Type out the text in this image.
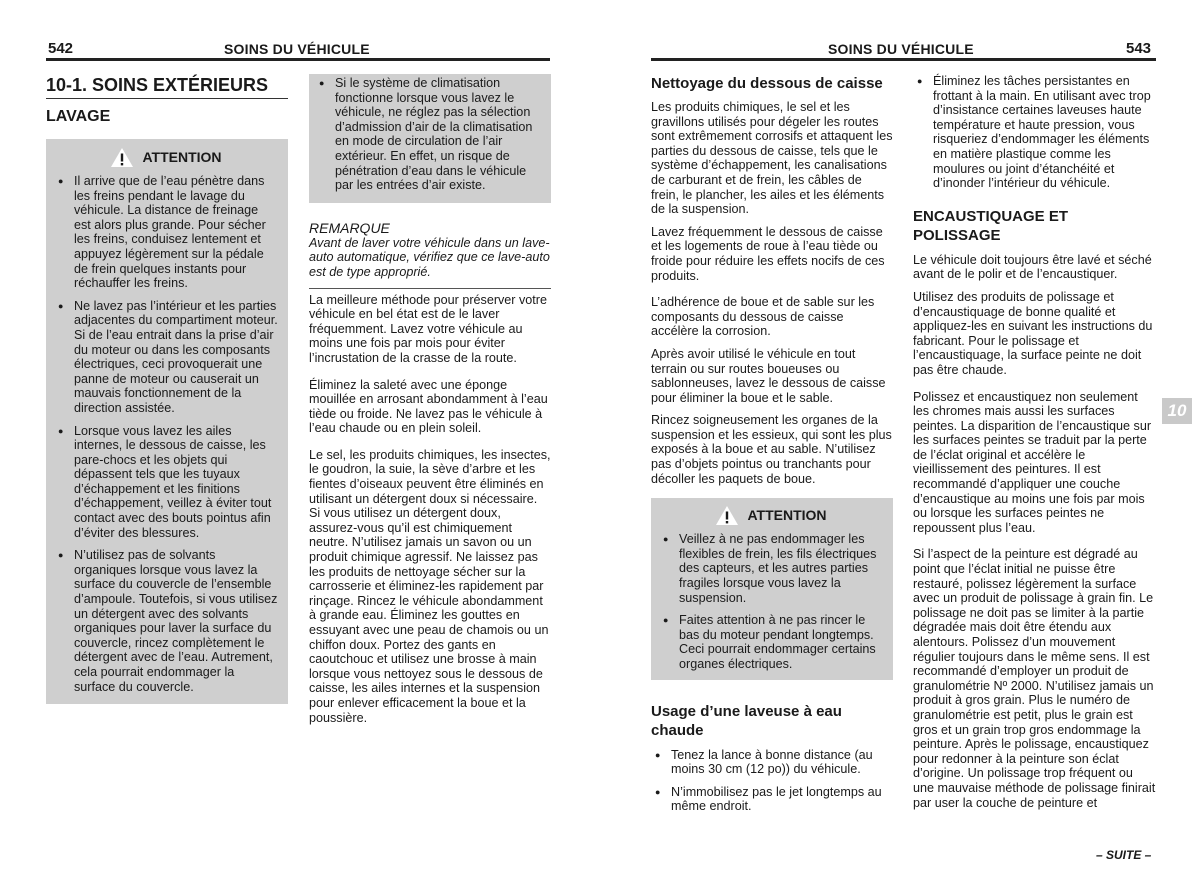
542	SOINS DU VÉHICULE
10-1. SOINS EXTÉRIEURS
LAVAGE
ATTENTION
● Il arrive que de l’eau pénètre dans les freins pendant le lavage du véhicule. La distance de freinage est alors plus grande. Pour sécher les freins, conduisez lentement et appuyez légèrement sur la pédale de frein quelques instants pour réchauffer les freins.
● Ne lavez pas l’intérieur et les parties adjacentes du compartiment moteur. Si de l’eau entrait dans la prise d’air du moteur ou dans les composants électriques, ceci provoquerait une panne de moteur ou causerait un mauvais fonctionnement de la direction assistée.
● Lorsque vous lavez les ailes internes, le dessous de caisse, les pare-chocs et les objets qui dépassent tels que les tuyaux d’échappement et les finitions d’échappement, veillez à éviter tout contact avec des bouts pointus afin d’éviter des blessures.
● N’utilisez pas de solvants organiques lorsque vous lavez la surface du couvercle de l’ensemble d’ampoule. Toutefois, si vous utilisez un détergent avec des solvants organiques pour laver la surface du couvercle, rincez complètement le détergent avec de l’eau. Autrement, cela pourrait endommager la surface du couvercle.
● Si le système de climatisation fonctionne lorsque vous lavez le véhicule, ne réglez pas la sélection d’admission d’air de la climatisation en mode de circulation de l’air extérieur. En effet, un risque de pénétration d’eau dans le véhicule par les entrées d’air existe.
REMARQUE

Avant de laver votre véhicule dans un lave-auto automatique, vérifiez que ce lave-auto est de type approprié.

La meilleure méthode pour préserver votre véhicule en bel état est de le laver fréquemment. Lavez votre véhicule au moins une fois par mois pour éviter l’incrustation de la crasse de la route.

Éliminez la saleté avec une éponge mouillée en arrosant abondamment à l’eau tiède ou froide. Ne lavez pas le véhicule à l’eau chaude ou en plein soleil.

Le sel, les produits chimiques, les insectes, le goudron, la suie, la sève d’arbre et les fientes d’oiseaux peuvent être éliminés en utilisant un détergent doux si nécessaire. Si vous utilisez un détergent doux, assurez-vous qu’il est chimiquement neutre. N’utilisez jamais un savon ou un produit chimique agressif. Ne laissez pas les produits de nettoyage sécher sur la carrosserie et éliminez-les rapidement par rinçage. Rincez le véhicule abondamment à grande eau. Éliminez les gouttes en essuyant avec une peau de chamois ou un chiffon doux. Portez des gants en caoutchouc et utilisez une brosse à main lorsque vous nettoyez sous le dessous de caisse, les ailes internes et la suspension pour enlever efficacement la boue et la poussière.

SOINS DU VÉHICULE	543
Nettoyage du dessous de caisse

Les produits chimiques, le sel et les gravillons utilisés pour dégeler les routes sont extrêmement corrosifs et attaquent les parties du dessous de caisse, tels que le système d’échappement, les canalisations de carburant et de frein, les câbles de frein, le plancher, les ailes et les éléments de la suspension.

Lavez fréquemment le dessous de caisse et les logements de roue à l’eau tiède ou froide pour réduire les effets nocifs de ces produits.

L’adhérence de boue et de sable sur les composants du dessous de caisse accélère la corrosion.

Après avoir utilisé le véhicule en tout terrain ou sur routes boueuses ou sablonneuses, lavez le dessous de caisse pour éliminer la boue et le sable.

Rincez soigneusement les organes de la suspension et les essieux, qui sont les plus exposés à la boue et au sable. N’utilisez pas d’objets pointus ou tranchants pour décoller les paquets de boue.

ATTENTION
● Veillez à ne pas endommager les flexibles de frein, les fils électriques des capteurs, et les autres parties fragiles lorsque vous lavez la suspension.
● Faites attention à ne pas rincer le bas du moteur pendant longtemps. Ceci pourrait endommager certains organes électriques.
Usage d’une laveuse à eau chaude
● Tenez la lance à bonne distance (au moins 30 cm (12 po)) du véhicule.
● N’immobilisez pas le jet longtemps au même endroit.
● Éliminez les tâches persistantes en frottant à la main. En utilisant avec trop d’insistance certaines laveuses haute température et haute pression, vous risqueriez d’endommager les éléments en matière plastique comme les moulures ou joint d’étanchéité et d’inonder l’intérieur du véhicule.
ENCAUSTIQUAGE ET POLISSAGE

Le véhicule doit toujours être lavé et séché avant de le polir et de l’encaustiquer.

Utilisez des produits de polissage et d’encaustiquage de bonne qualité et appliquez-les en suivant les instructions du fabricant. Pour le polissage et l’encaustiquage, la surface peinte ne doit pas être chaude.

Polissez et encaustiquez non seulement les chromes mais aussi les surfaces peintes. La disparition de l’encaustique sur les surfaces peintes se traduit par la perte de l’éclat original et accélère le vieillissement des peintures. Il est recommandé d’appliquer une couche d’encaustique au moins une fois par mois ou lorsque les surfaces peintes ne repoussent plus l’eau.

Si l’aspect de la peinture est dégradé au point que l’éclat initial ne puisse être restauré, polissez légèrement la surface avec un produit de polissage à grain fin. Le polissage ne doit pas se limiter à la partie dégradée mais doit être étendu aux alentours. Polissez d’un mouvement régulier toujours dans le même sens. Il est recommandé d’employer un produit de granulométrie Nº 2000. N’utilisez jamais un produit à gros grain. Plus le numéro de granulométrie est petit, plus le grain est gros et un grain trop gros endommage la peinture. Après le polissage, encaustiquez pour redonner à la peinture son éclat d’origine. Un polissage trop fréquent ou une mauvaise méthode de polissage finirait par user la couche de peinture et

10
– SUITE –
